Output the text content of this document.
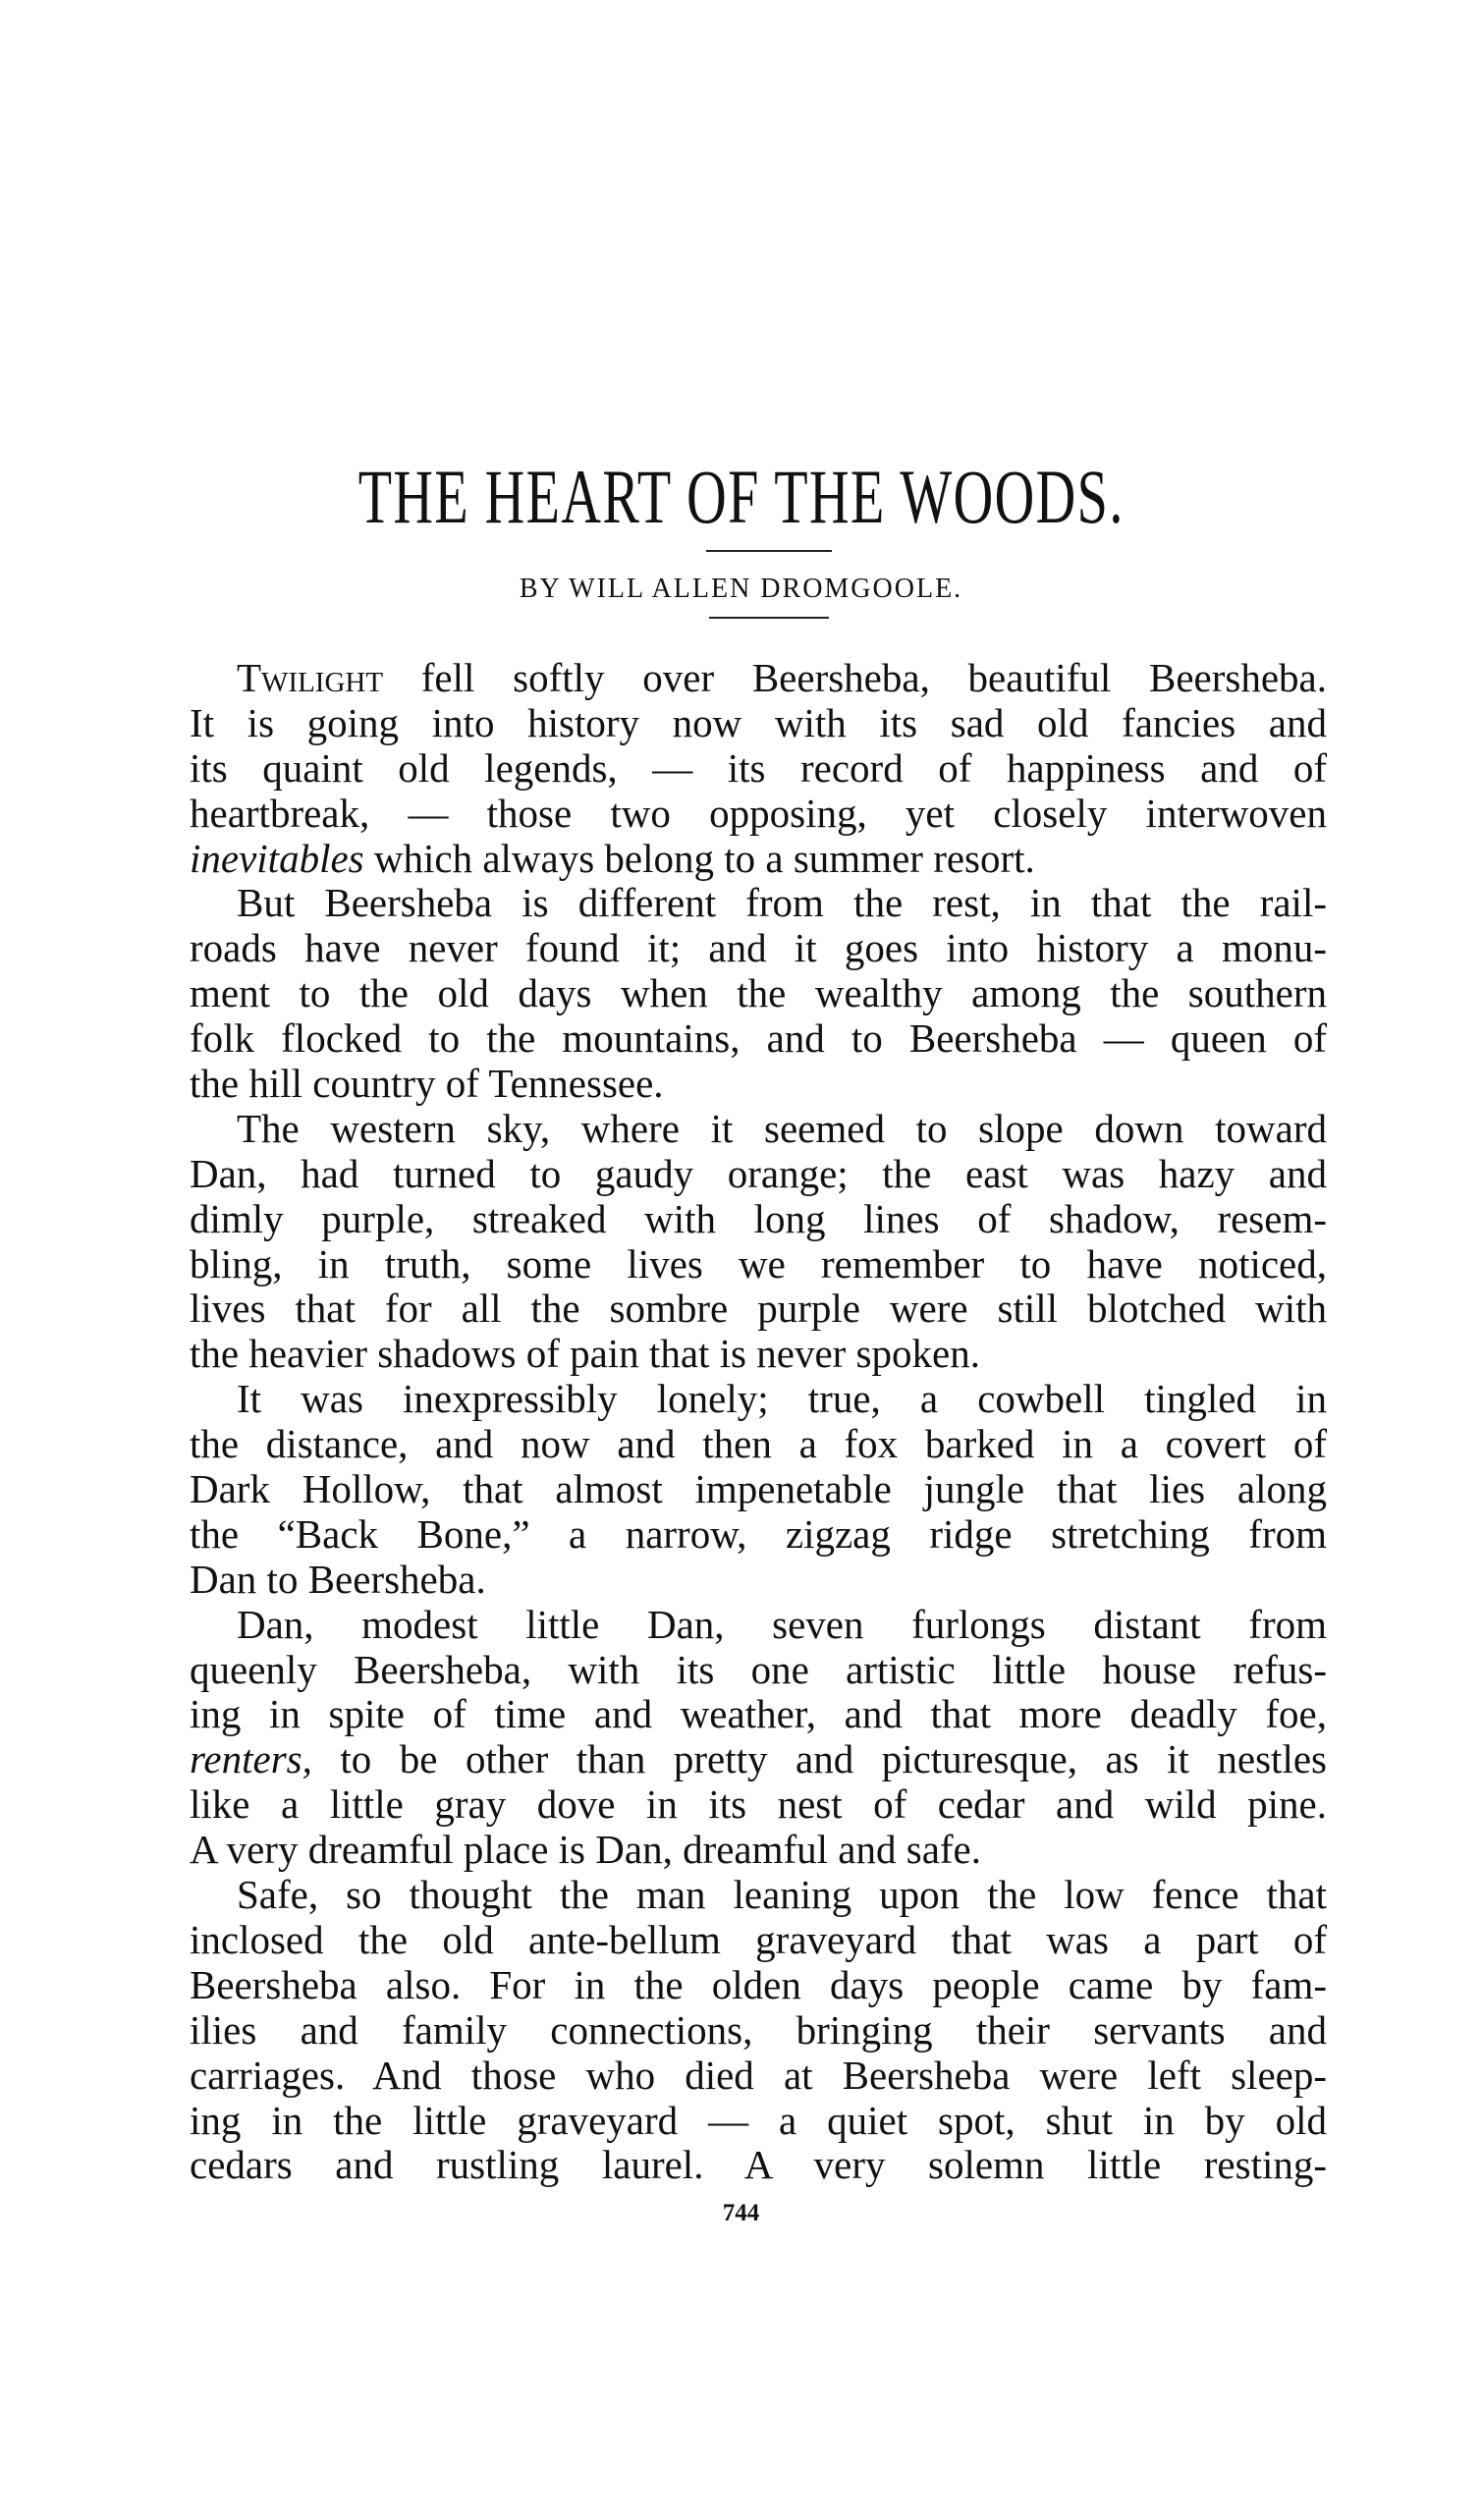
THE HEART OF THE WOODS.
BY WILL ALLEN DROMGOOLE.
Twilight fell softly over Beersheba, beautiful Beersheba.
It is going into history now with its sad old fancies and
its quaint old legends, — its record of happiness and of
heartbreak, — those two opposing, yet closely interwoven
inevitables which always belong to a summer resort.
But Beersheba is different from the rest, in that the rail-
roads have never found it; and it goes into history a monu-
ment to the old days when the wealthy among the southern
folk flocked to the mountains, and to Beersheba — queen of
the hill country of Tennessee.
The western sky, where it seemed to slope down toward
Dan, had turned to gaudy orange; the east was hazy and
dimly purple, streaked with long lines of shadow, resem-
bling, in truth, some lives we remember to have noticed,
lives that for all the sombre purple were still blotched with
the heavier shadows of pain that is never spoken.
It was inexpressibly lonely; true, a cowbell tingled in
the distance, and now and then a fox barked in a covert of
Dark Hollow, that almost impenetable jungle that lies along
the “Back Bone,” a narrow, zigzag ridge stretching from
Dan to Beersheba.
Dan, modest little Dan, seven furlongs distant from
queenly Beersheba, with its one artistic little house refus-
ing in spite of time and weather, and that more deadly foe,
renters, to be other than pretty and picturesque, as it nestles
like a little gray dove in its nest of cedar and wild pine.
A very dreamful place is Dan, dreamful and safe.
Safe, so thought the man leaning upon the low fence that
inclosed the old ante-bellum graveyard that was a part of
Beersheba also. For in the olden days people came by fam-
ilies and family connections, bringing their servants and
carriages. And those who died at Beersheba were left sleep-
ing in the little graveyard — a quiet spot, shut in by old
cedars and rustling laurel. A very solemn little resting-
744
